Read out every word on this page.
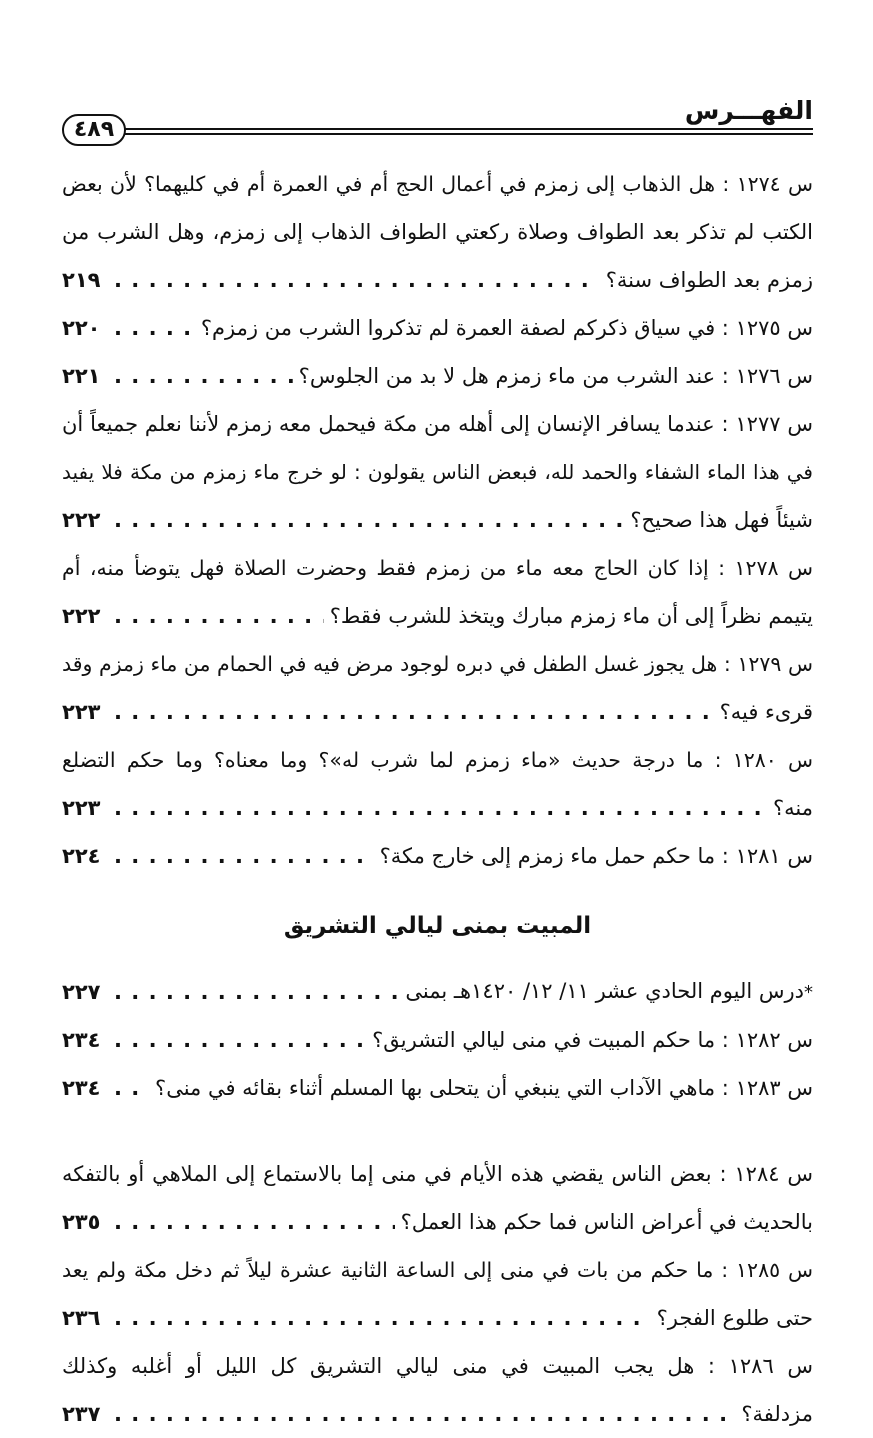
الفهـــرس
٤٨٩
س ١٢٧٤ : هل الذهاب إلى زمزم في أعمال الحج أم في العمرة أم في كليهما؟ لأن بعض
الكتب لم تذكر بعد الطواف وصلاة ركعتي الطواف الذهاب إلى زمزم، وهل الشرب من
زمزم بعد الطواف سنة؟
. . .
٢١٩
س ١٢٧٥ : في سياق ذكركم لصفة العمرة لم تذكروا الشرب من زمزم؟
. . .
٢٢٠
س ١٢٧٦ : عند الشرب من ماء زمزم هل لا بد من الجلوس؟
. . .
٢٢١
س ١٢٧٧ : عندما يسافر الإنسان إلى أهله من مكة فيحمل معه زمزم لأننا نعلم جميعاً أن
في هذا الماء الشفاء والحمد لله، فبعض الناس يقولون : لو خرج ماء زمزم من مكة فلا يفيد
شيئاً فهل هذا صحيح؟
. . .
٢٢٢
س ١٢٧٨ : إذا كان الحاج معه ماء من زمزم فقط وحضرت الصلاة فهل يتوضأ منه، أم
يتيمم نظراً إلى أن ماء زمزم مبارك ويتخذ للشرب فقط؟
. . .
٢٢٢
س ١٢٧٩ : هل يجوز غسل الطفل في دبره لوجود مرض فيه في الحمام من ماء زمزم وقد
قرىء فيه؟
. . .
٢٢٣
س ١٢٨٠ : ما درجة حديث «ماء زمزم لما شرب له»؟ وما معناه؟ وما حكم التضلع
منه؟
. . .
٢٢٣
س ١٢٨١ : ما حكم حمل ماء زمزم إلى خارج مكة؟
. . .
٢٢٤
المبيت بمنى ليالي التشريق
*درس اليوم الحادي عشر ١١/ ١٢/ ١٤٢٠هـ بمنى
. . .
٢٢٧
س ١٢٨٢ : ما حكم المبيت في منى ليالي التشريق؟
. . .
٢٣٤
س ١٢٨٣ : ماهي الآداب التي ينبغي أن يتحلى بها المسلم أثناء بقائه في منى؟
. . .
٢٣٤
س ١٢٨٤ : بعض الناس يقضي هذه الأيام في منى إما بالاستماع إلى الملاهي أو بالتفكه
بالحديث في أعراض الناس فما حكم هذا العمل؟
. . .
٢٣٥
س ١٢٨٥ : ما حكم من بات في منى إلى الساعة الثانية عشرة ليلاً ثم دخل مكة ولم يعد
حتى طلوع الفجر؟
. . .
٢٣٦
س ١٢٨٦ : هل يجب المبيت في منى ليالي التشريق كل الليل أو أغلبه وكذلك
مزدلفة؟
. . .
٢٣٧
